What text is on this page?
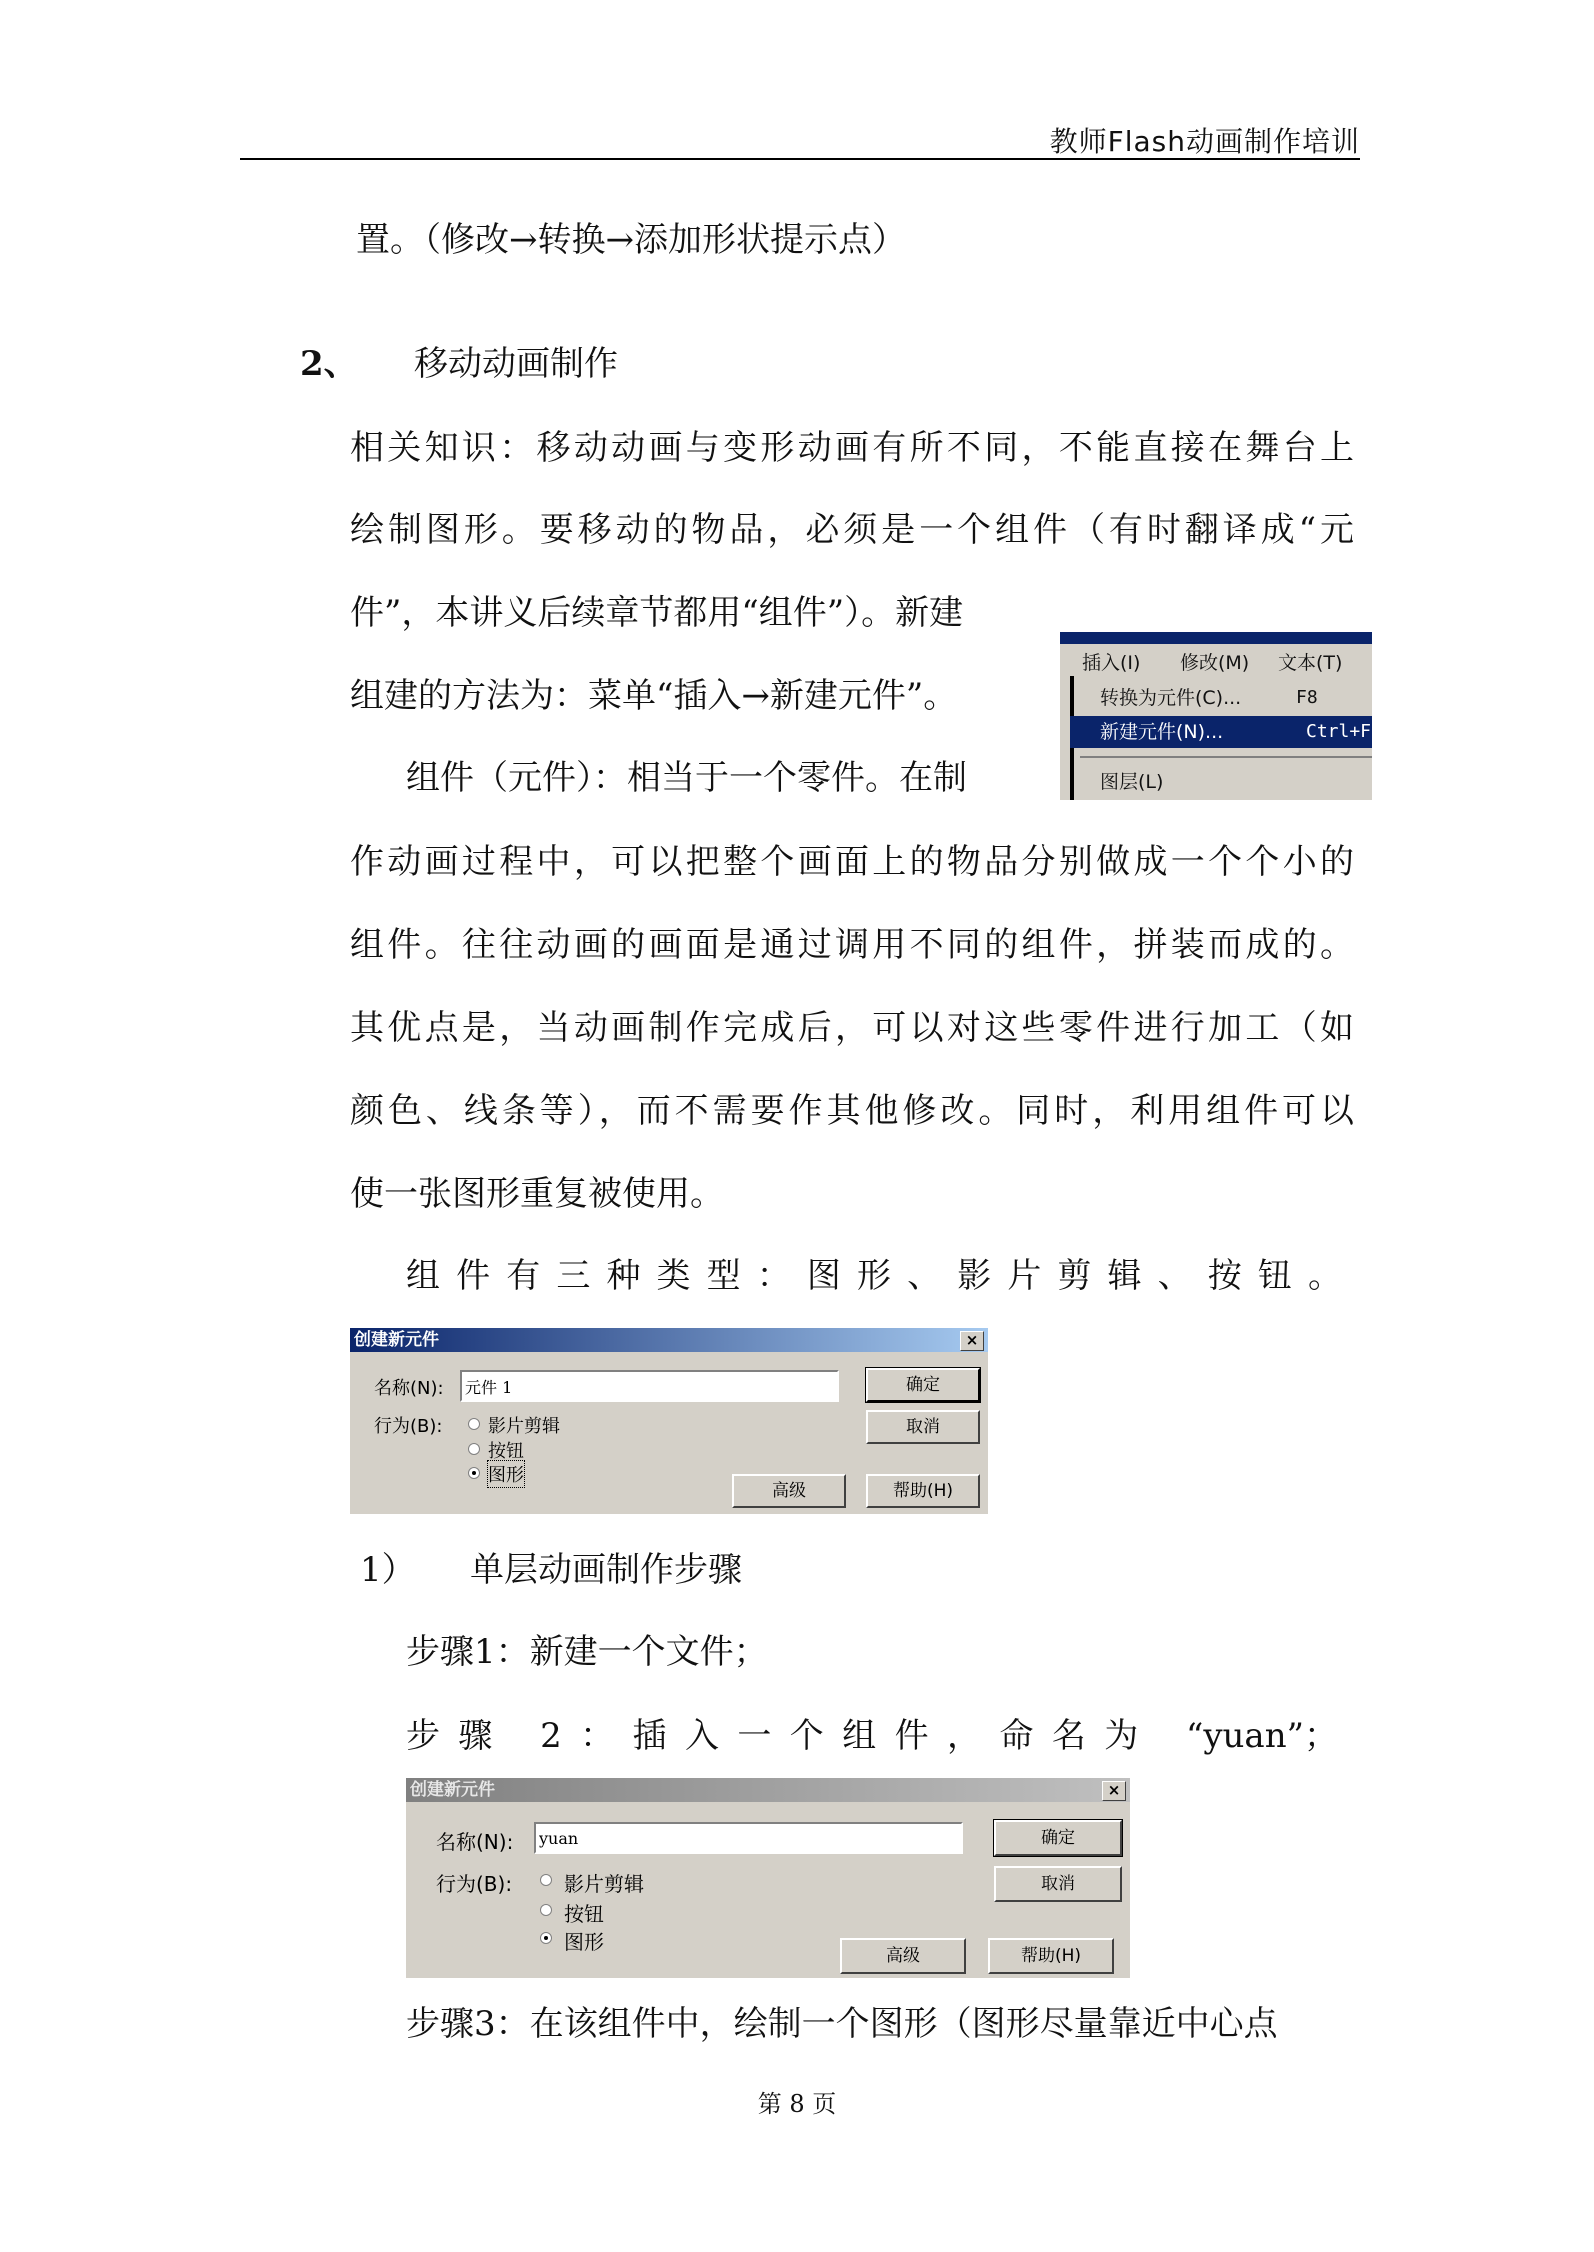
教师Flash动画制作培训
置。（修改→转换→添加形状提示点）
2、 移动动画制作
相关知识：移动动画与变形动画有所不同，不能直接在舞台上
绘制图形。要移动的物品，必须是一个组件（有时翻译成“元
件”，本讲义后续章节都用“组件”）。新建
组建的方法为：菜单“插入→新建元件”。
组件（元件）：相当于一个零件。在制
插入(I) 修改(M) 文本(T)
转换为元件(C)...	F8
新建元件(N)...	Ctrl+F8
图层(L)
作动画过程中，可以把整个画面上的物品分别做成一个个小的
组件。往往动画的画面是通过调用不同的组件，拼装而成的。
其优点是，当动画制作完成后，可以对这些零件进行加工（如
颜色、线条等），而不需要作其他修改。同时，利用组件可以
使一张图形重复被使用。
组件有三种类型：图形、影片剪辑、按钮。
创建新元件	×
名称(N):
元件 1
行为(B):	影片剪辑
按钮
图形
确定
取消
高级	帮助(H)
1） 单层动画制作步骤
步骤1：新建一个文件；
步骤 2：插入一个组件，命名为 “yuan”；
创建新元件	×
名称(N):
yuan
行为(B):	影片剪辑
按钮
图形
确定
取消
高级	帮助(H)
步骤3：在该组件中，绘制一个图形（图形尽量靠近中心点
第 8 页
